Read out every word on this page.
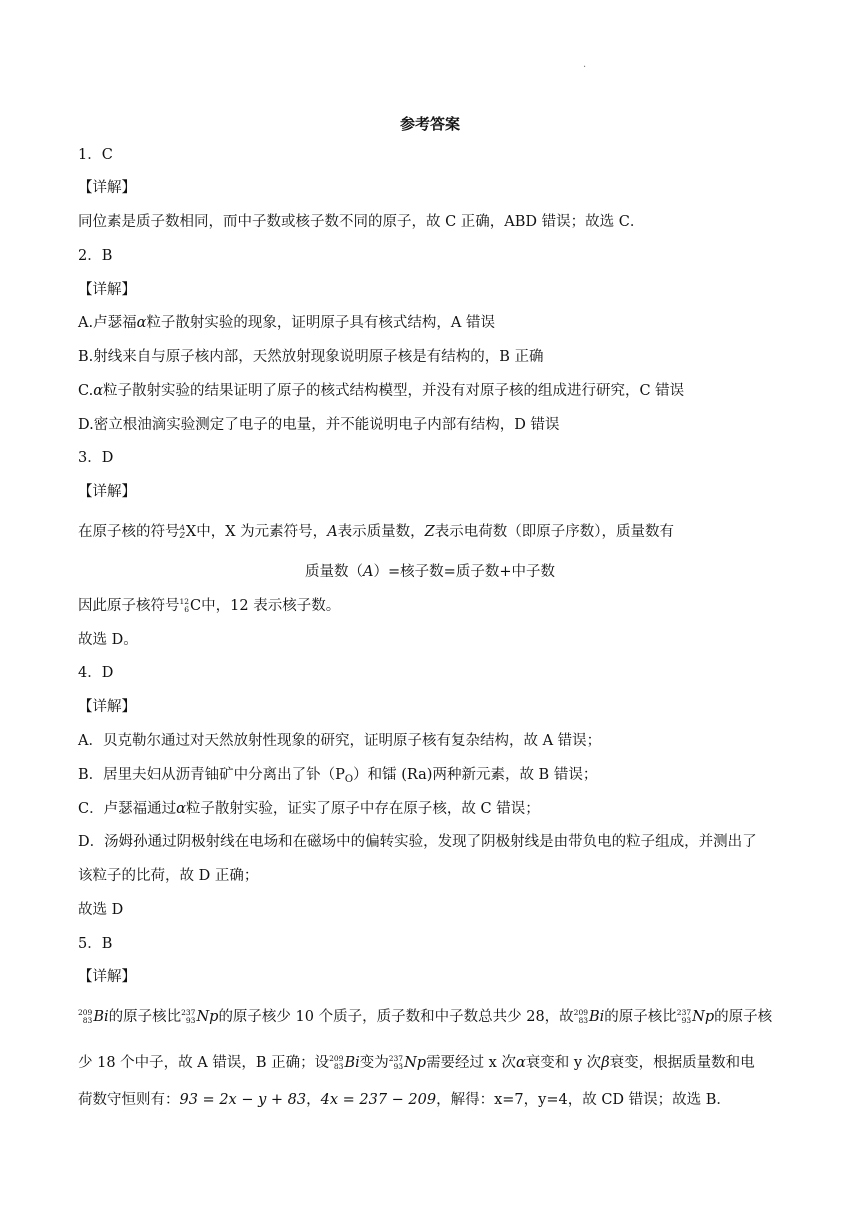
·
参考答案
1．C
【详解】
同位素是质子数相同，而中子数或核子数不同的原子，故 C 正确，ABD 错误；故选 C．
2．B
【详解】
A.卢瑟福α粒子散射实验的现象，证明原子具有核式结构，A 错误
B.射线来自与原子核内部，天然放射现象说明原子核是有结构的，B 正确
C.α粒子散射实验的结果证明了原子的核式结构模型，并没有对原子核的组成进行研究，C 错误
D.密立根油滴实验测定了电子的电量，并不能说明电子内部有结构，D 错误
3．D
【详解】
在原子核的符号 A
Z X中，X 为元素符号，A表示质量数，Z表示电荷数（即原子序数），质量数有
质量数（A）=核子数=质子数+中子数
因此原子核符号 12
6 C中，12 表示核子数。
故选 D。
4．D
【详解】
A．贝克勒尔通过对天然放射性现象的研究，证明原子核有复杂结构，故 A 错误；
B．居里夫妇从沥青铀矿中分离出了钋$(P_O)$和镭 (Ra)两种新元素，故 B 错误；
C．卢瑟福通过α粒子散射实验，证实了原子中存在原子核，故 C 错误；
D．汤姆孙通过阴极射线在电场和在磁场中的偏转实验，发现了阴极射线是由带负电的粒子组成，并测出了
该粒子的比荷，故 D 正确；
故选 D
5．B
【详解】
209
83 Bi的原子核比 237
93 Np的原子核少 10 个质子，质子数和中子数总共少 28，故 209
83 Bi的原子核比 237
93 Np的原子核
少 18 个中子，故 A 错误，B 正确；设 209
83 Bi变为 237
93 Np需要经过 x 次α衰变和 y 次β衰变，根据质量数和电
荷数守恒则有：93 = 2x − y + 83，4x = 237 − 209，解得：x=7，y=4，故 CD 错误；故选 B．
